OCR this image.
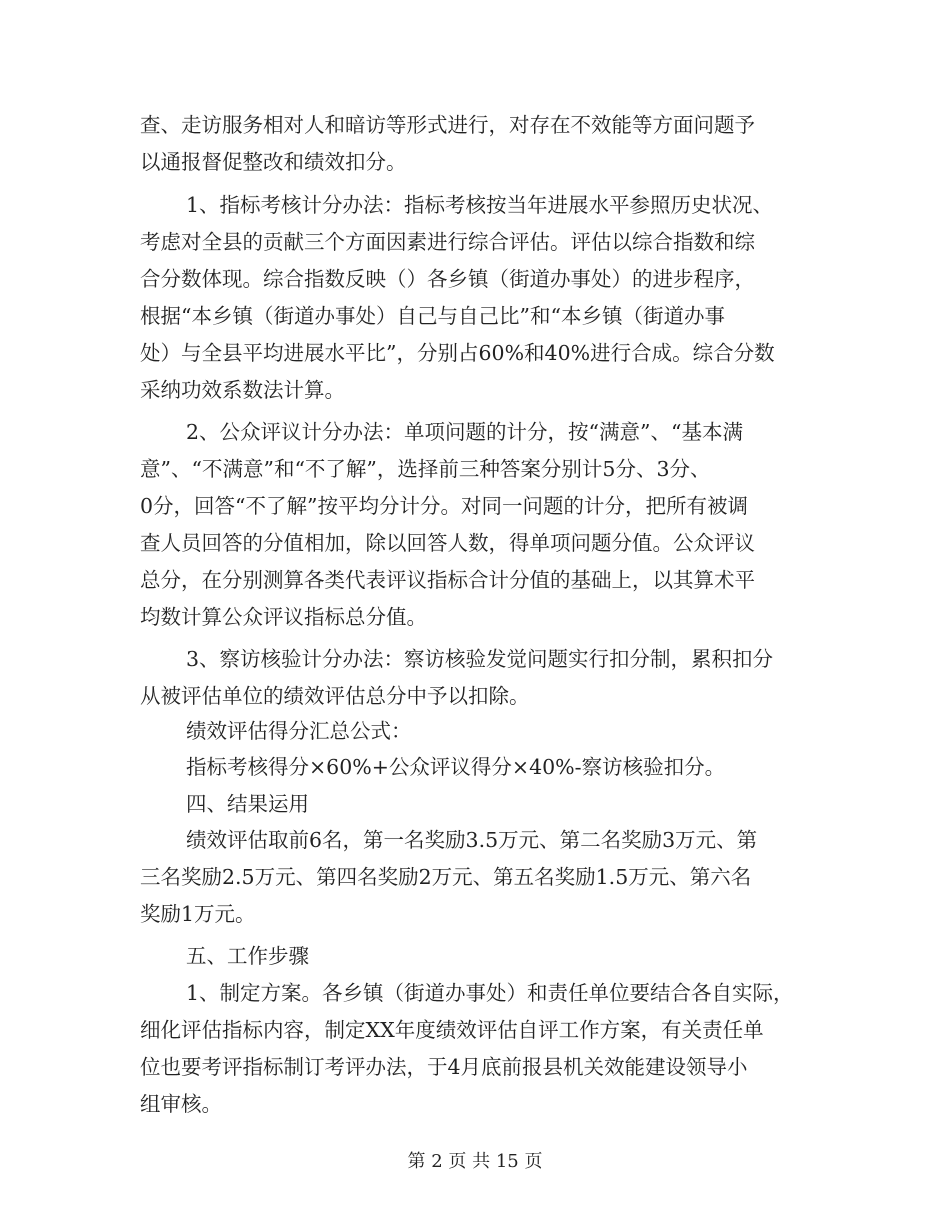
查、走访服务相对人和暗访等形式进行，对存在不效能等方面问题予
以通报督促整改和绩效扣分。
1、指标考核计分办法：指标考核按当年进展水平参照历史状况、
考虑对全县的贡献三个方面因素进行综合评估。评估以综合指数和综
合分数体现。综合指数反映（）各乡镇（街道办事处）的进步程序，
根据“本乡镇（街道办事处）自己与自己比”和“本乡镇（街道办事
处）与全县平均进展水平比”，分别占60%和40%进行合成。综合分数
采纳功效系数法计算。
2、公众评议计分办法：单项问题的计分，按“满意”、“基本满
意”、“不满意”和“不了解”，选择前三种答案分别计5分、3分、
0分，回答“不了解”按平均分计分。对同一问题的计分，把所有被调
查人员回答的分值相加，除以回答人数，得单项问题分值。公众评议
总分，在分别测算各类代表评议指标合计分值的基础上，以其算术平
均数计算公众评议指标总分值。
3、察访核验计分办法：察访核验发觉问题实行扣分制，累积扣分
从被评估单位的绩效评估总分中予以扣除。
绩效评估得分汇总公式：
指标考核得分×60%+公众评议得分×40%-察访核验扣分。
四、结果运用
绩效评估取前6名，第一名奖励3.5万元、第二名奖励3万元、第
三名奖励2.5万元、第四名奖励2万元、第五名奖励1.5万元、第六名
奖励1万元。
五、工作步骤
1、制定方案。各乡镇（街道办事处）和责任单位要结合各自实际，
细化评估指标内容，制定XX年度绩效评估自评工作方案，有关责任单
位也要考评指标制订考评办法，于4月底前报县机关效能建设领导小
组审核。
第 2 页 共 15 页
